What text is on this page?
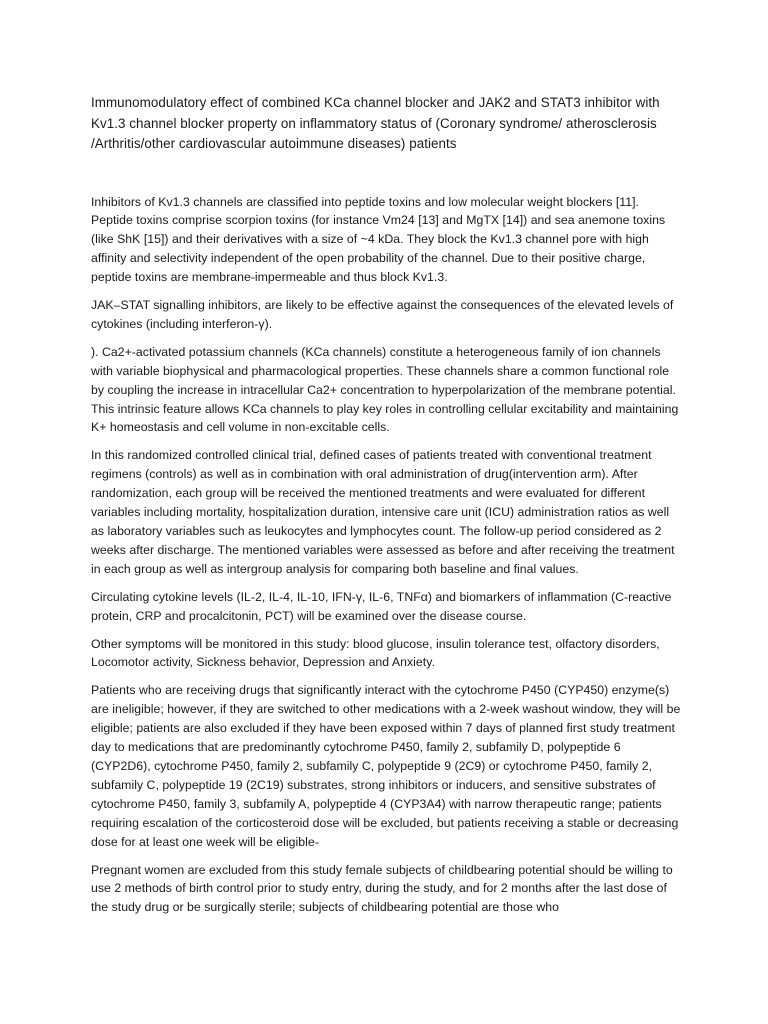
Immunomodulatory effect of combined KCa channel blocker and JAK2 and STAT3 inhibitor with Kv1.3 channel blocker property on inflammatory status of (Coronary syndrome/ atherosclerosis /Arthritis/other cardiovascular autoimmune diseases) patients

Inhibitors of Kv1.3 channels are classified into peptide toxins and low molecular weight blockers [11]. Peptide toxins comprise scorpion toxins (for instance Vm24 [13] and MgTX [14]) and sea anemone toxins (like ShK [15]) and their derivatives with a size of ~4 kDa. They block the Kv1.3 channel pore with high affinity and selectivity independent of the open probability of the channel. Due to their positive charge, peptide toxins are membrane-impermeable and thus block Kv1.3.

JAK–STAT signalling inhibitors, are likely to be effective against the consequences of the elevated levels of cytokines (including interferon-γ).

). Ca2+-activated potassium channels (KCa channels) constitute a heterogeneous family of ion channels with variable biophysical and pharmacological properties. These channels share a common functional role by coupling the increase in intracellular Ca2+ concentration to hyperpolarization of the membrane potential. This intrinsic feature allows KCa channels to play key roles in controlling cellular excitability and maintaining K+ homeostasis and cell volume in non-excitable cells.

In this randomized controlled clinical trial, defined cases of patients treated with conventional treatment regimens (controls) as well as in combination with oral administration of drug(intervention arm). After randomization, each group will be received the mentioned treatments and were evaluated for different variables including mortality, hospitalization duration, intensive care unit (ICU) administration ratios as well as laboratory variables such as leukocytes and lymphocytes count. The follow-up period considered as 2 weeks after discharge. The mentioned variables were assessed as before and after receiving the treatment in each group as well as intergroup analysis for comparing both baseline and final values.

Circulating cytokine levels (IL-2, IL-4, IL-10, IFN-γ, IL-6, TNFα) and biomarkers of inflammation (C-reactive protein, CRP and procalcitonin, PCT) will be examined over the disease course.

Other symptoms will be monitored in this study: blood glucose, insulin tolerance test, olfactory disorders, Locomotor activity, Sickness behavior, Depression and Anxiety.

Patients who are receiving drugs that significantly interact with the cytochrome P450 (CYP450) enzyme(s) are ineligible; however, if they are switched to other medications with a 2-week washout window, they will be eligible; patients are also excluded if they have been exposed within 7 days of planned first study treatment day to medications that are predominantly cytochrome P450, family 2, subfamily D, polypeptide 6 (CYP2D6), cytochrome P450, family 2, subfamily C, polypeptide 9 (2C9) or cytochrome P450, family 2, subfamily C, polypeptide 19 (2C19) substrates, strong inhibitors or inducers, and sensitive substrates of cytochrome P450, family 3, subfamily A, polypeptide 4 (CYP3A4) with narrow therapeutic range; patients requiring escalation of the corticosteroid dose will be excluded, but patients receiving a stable or decreasing dose for at least one week will be eligible-

Pregnant women are excluded from this study female subjects of childbearing potential should be willing to use 2 methods of birth control prior to study entry, during the study, and for 2 months after the last dose of the study drug or be surgically sterile; subjects of childbearing potential are those who
